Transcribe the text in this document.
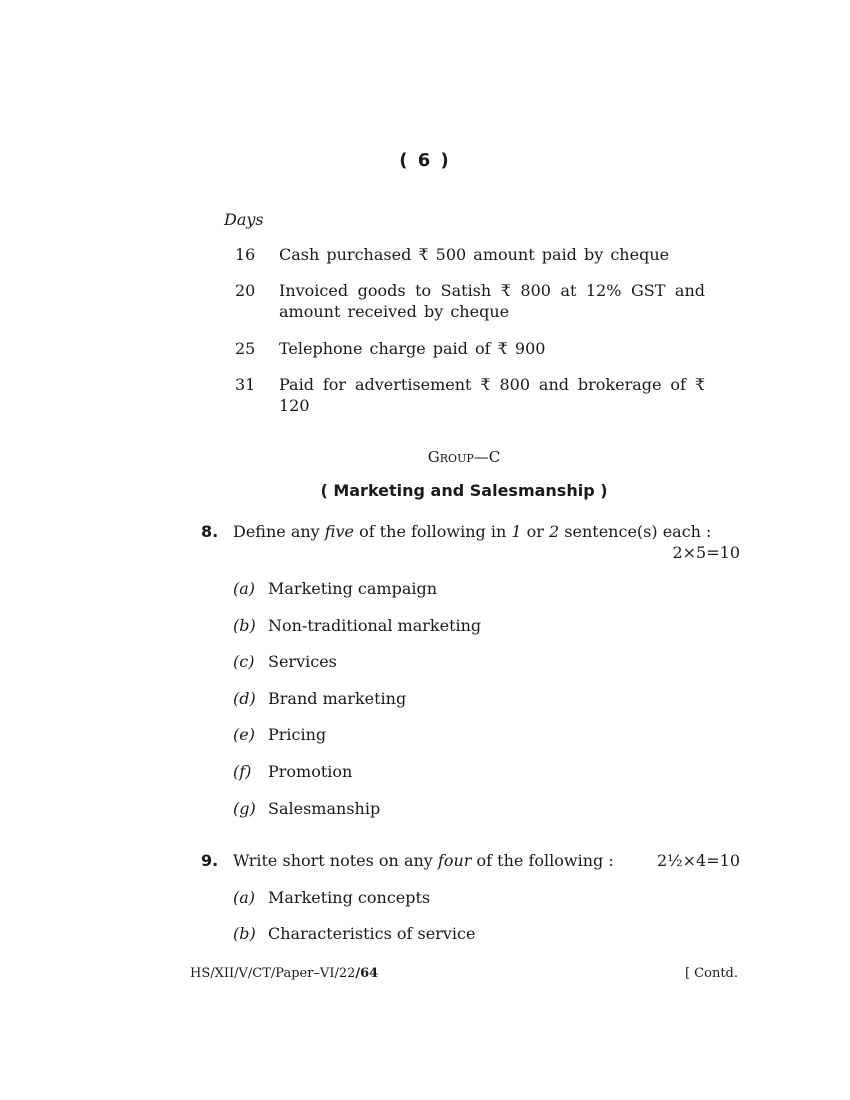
( 6 )
Days
16 Cash purchased ₹ 500 amount paid by cheque
20 Invoiced goods to Satish ₹ 800 at 12% GST and amount received by cheque
25 Telephone charge paid of ₹ 900
31 Paid for advertisement ₹ 800 and brokerage of ₹ 120
Group—C
( Marketing and Salesmanship )
8. Define any five of the following in 1 or 2 sentence(s) each :
2×5=10
(a) Marketing campaign
(b) Non-traditional marketing
(c) Services
(d) Brand marketing
(e) Pricing
(f) Promotion
(g) Salesmanship
9. Write short notes on any four of the following :	2½×4=10
(a) Marketing concepts
(b) Characteristics of service
HS/XII/V/CT/Paper–VI/22/64	[ Contd.
